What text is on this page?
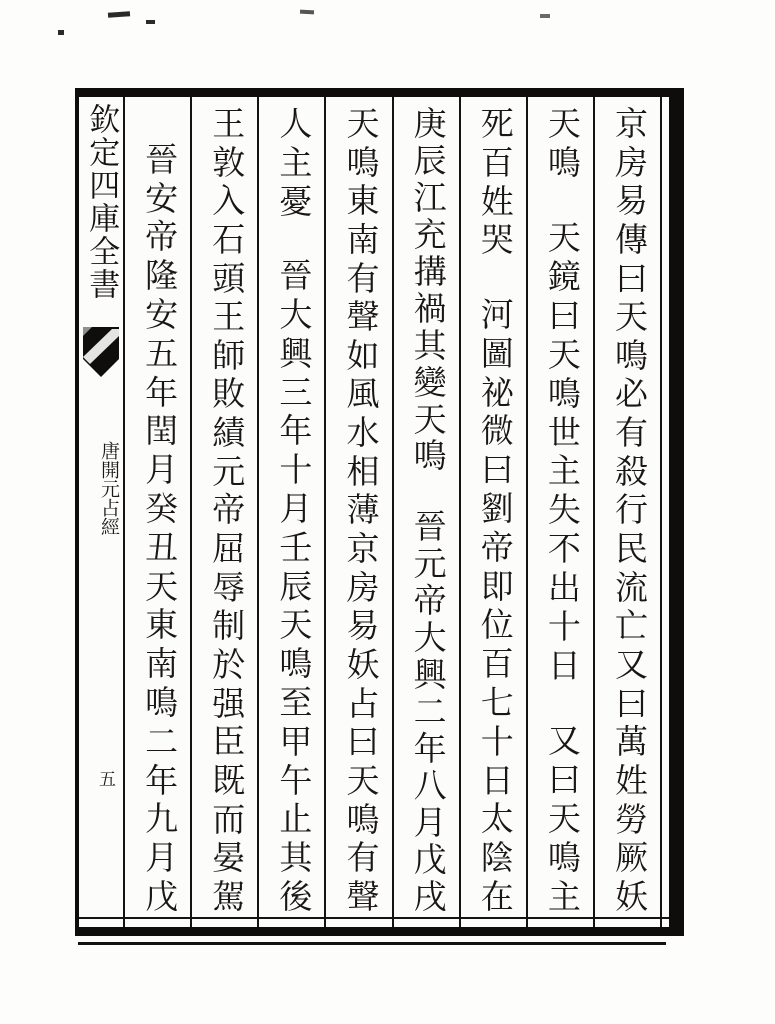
欽定四庫全書
唐開元占經
五
京
房
易
傳
曰
天
鳴
必
有
殺
行
民
流
亡
又
曰
萬
姓
勞
厥
妖
天
鳴
天
鏡
曰
天
鳴
世
主
失
不
出
十
日
又
曰
天
鳴
主
死
百
姓
哭
河
圖
祕
微
曰
劉
帝
即
位
百
七
十
日
太
陰
在
庚
辰
江
充
搆
禍
其
變
天
鳴
晉
元
帝
大
興
二
年
八
月
戊
戌
天
鳴
東
南
有
聲
如
風
水
相
薄
京
房
易
妖
占
曰
天
鳴
有
聲
人
主
憂
晉
大
興
三
年
十
月
壬
辰
天
鳴
至
甲
午
止
其
後
王
敦
入
石
頭
王
師
敗
績
元
帝
屈
辱
制
於
强
臣
既
而
晏
駕
晉
安
帝
隆
安
五
年
閏
月
癸
丑
天
東
南
鳴
二
年
九
月
戊
